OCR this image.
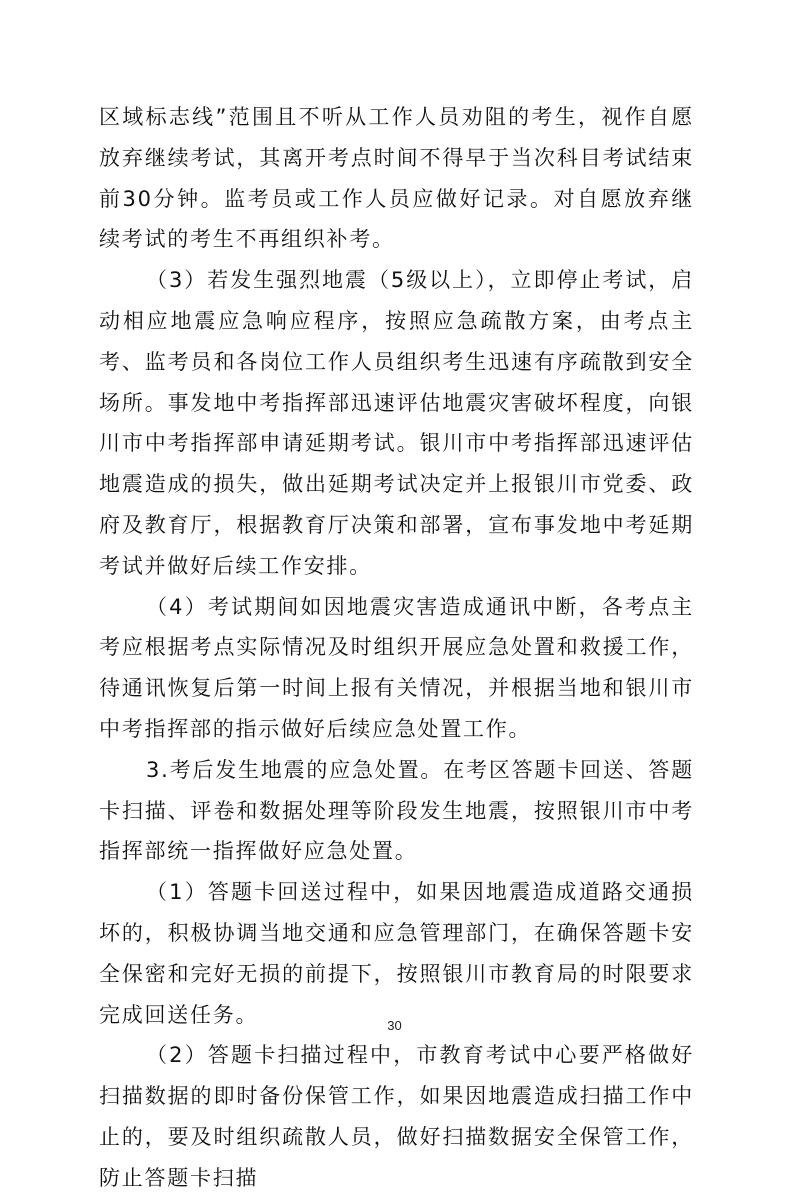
区域标志线”范围且不听从工作人员劝阻的考生，视作自愿放弃继续考试，其离开考点时间不得早于当次科目考试结束前30分钟。监考员或工作人员应做好记录。对自愿放弃继续考试的考生不再组织补考。

（3）若发生强烈地震（5级以上），立即停止考试，启动相应地震应急响应程序，按照应急疏散方案，由考点主考、监考员和各岗位工作人员组织考生迅速有序疏散到安全场所。事发地中考指挥部迅速评估地震灾害破坏程度，向银川市中考指挥部申请延期考试。银川市中考指挥部迅速评估地震造成的损失，做出延期考试决定并上报银川市党委、政府及教育厅，根据教育厅决策和部署，宣布事发地中考延期考试并做好后续工作安排。

（4）考试期间如因地震灾害造成通讯中断，各考点主考应根据考点实际情况及时组织开展应急处置和救援工作，待通讯恢复后第一时间上报有关情况，并根据当地和银川市中考指挥部的指示做好后续应急处置工作。

3.考后发生地震的应急处置。在考区答题卡回送、答题卡扫描、评卷和数据处理等阶段发生地震，按照银川市中考指挥部统一指挥做好应急处置。

（1）答题卡回送过程中，如果因地震造成道路交通损坏的，积极协调当地交通和应急管理部门，在确保答题卡安全保密和完好无损的前提下，按照银川市教育局的时限要求完成回送任务。

（2）答题卡扫描过程中，市教育考试中心要严格做好扫描数据的即时备份保管工作，如果因地震造成扫描工作中止的，要及时组织疏散人员，做好扫描数据安全保管工作，防止答题卡扫描

30
